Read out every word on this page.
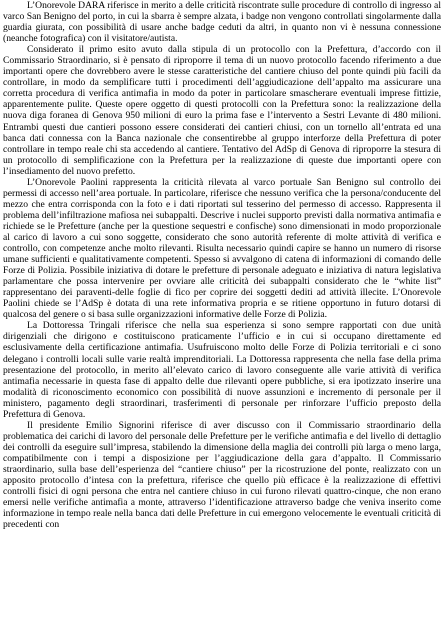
L’Onorevole DARA riferisce in merito a delle criticità riscontrate sulle procedure di controllo di ingresso al varco San Benigno del porto, in cui la sbarra è sempre alzata, i badge non vengono controllati singolarmente dalla guardia giurata, con possibilità di usare anche badge ceduti da altri, in quanto non vi è nessuna connessione (neanche fotografica) con il visitatore/autista.

Considerato il primo esito avuto dalla stipula di un protocollo con la Prefettura, d’accordo con il Commissario Straordinario, si è pensato di riproporre il tema di un nuovo protocollo facendo riferimento a due importanti opere che dovrebbero avere le stesse caratteristiche del cantiere chiuso del ponte quindi più facili da controllare, in modo da semplificare tutti i procedimenti dell’aggiudicazione dell’appalto ma assicurare una corretta procedura di verifica antimafia in modo da poter in particolare smascherare eventuali imprese fittizie, apparentemente pulite. Queste opere oggetto di questi protocolli con la Prefettura sono: la realizzazione della nuova diga foranea di Genova 950 milioni di euro la prima fase e l’intervento a Sestri Levante di 480 milioni. Entrambi questi due cantieri possono essere considerati dei cantieri chiusi, con un tornello all’entrata ed una banca dati connessa con la Banca nazionale che consentirebbe al gruppo interforze della Prefettura di poter controllare in tempo reale chi sta accedendo al cantiere. Tentativo del AdSp di Genova di riproporre la stesura di un protocollo di semplificazione con la Prefettura per la realizzazione di queste due importanti opere con l’insediamento del nuovo prefetto.

L’Onorevole Paolini rappresenta la criticità rilevata al varco portuale San Benigno sul controllo dei permessi di accesso nell’area portuale. In particolare, riferisce che nessuno verifica che la persona/conducente del mezzo che entra corrisponda con la foto e i dati riportati sul tesserino del permesso di accesso. Rappresenta il problema dell’infiltrazione mafiosa nei subappalti. Descrive i nuclei supporto previsti dalla normativa antimafia e richiede se le Prefetture (anche per la questione sequestri e confische) sono dimensionati in modo proporzionale al carico di lavoro a cui sono soggette, considerato che sono autorità referente di molte attività di verifica e controllo, con competenze anche molto rilevanti. Risulta necessario quindi capire se hanno un numero di risorse umane sufficienti e qualitativamente competenti. Spesso si avvalgono di catena di informazioni di comando delle Forze di Polizia. Possibile iniziativa di dotare le prefetture di personale adeguato e iniziativa di natura legislativa parlamentare che possa intervenire per ovviare alle criticità dei subappalti considerato che le “white list” rappresentano dei paraventi-delle foglie di fico per coprire dei soggetti dediti ad attività illecite. L’Onorevole Paolini chiede se l’AdSp è dotata di una rete informativa propria e se ritiene opportuno in futuro dotarsi di qualcosa del genere o si basa sulle organizzazioni informative delle Forze di Polizia.

La Dottoressa Tringali riferisce che nella sua esperienza si sono sempre rapportati con due unità dirigenziali che dirigono e costituiscono praticamente l’ufficio e in cui si occupano direttamente ed esclusivamente della certificazione antimafia. Usufruiscono molto delle Forze di Polizia territoriali e ci sono delegano i controlli locali sulle varie realtà imprenditoriali. La Dottoressa rappresenta che nella fase della prima presentazione del protocollo, in merito all’elevato carico di lavoro conseguente alle varie attività di verifica antimafia necessarie in questa fase di appalto delle due rilevanti opere pubbliche, si era ipotizzato inserire una modalità di riconoscimento economico con possibilità di nuove assunzioni e incremento di personale per il ministero, pagamento degli straordinari, trasferimenti di personale per rinforzare l’ufficio preposto della Prefettura di Genova.

Il presidente Emilio Signorini riferisce di aver discusso con il Commissario straordinario della problematica dei carichi di lavoro del personale delle Prefetture per le verifiche antimafia e del livello di dettaglio dei controlli da eseguire sull’impresa, stabilendo la dimensione della maglia dei controlli più larga o meno larga, compatibilmente con i tempi a disposizione per l’aggiudicazione della gara d’appalto. Il Commissario straordinario, sulla base dell’esperienza del “cantiere chiuso” per la ricostruzione del ponte, realizzato con un apposito protocollo d’intesa con la prefettura, riferisce che quello più efficace è la realizzazione di effettivi controlli fisici di ogni persona che entra nel cantiere chiuso in cui furono rilevati quattro-cinque, che non erano emersi nelle verifiche antimafia a monte, attraverso l’identificazione attraverso badge che veniva inserito come informazione in tempo reale nella banca dati delle Prefetture in cui emergono velocemente le eventuali criticità di precedenti con
